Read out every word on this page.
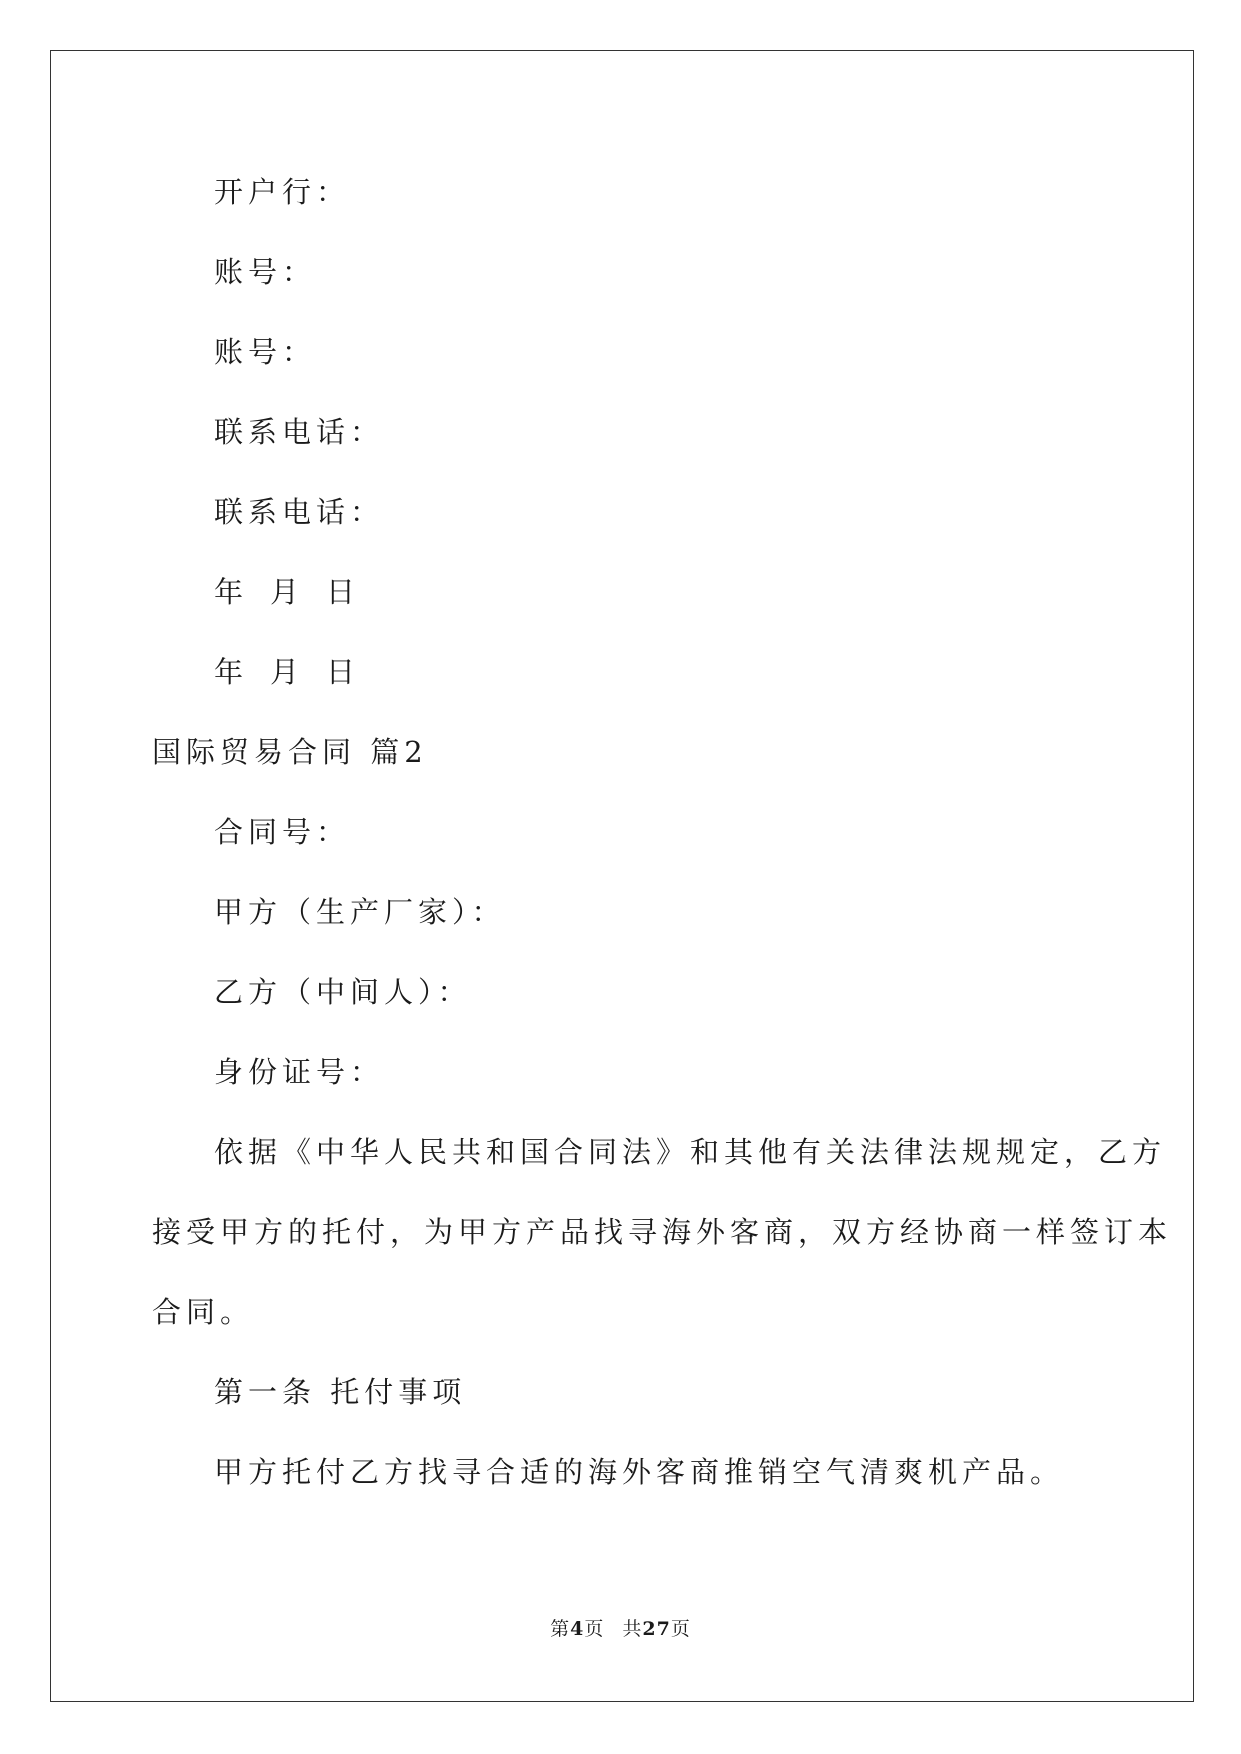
开户行：
账号：
账号：
联系电话：
联系电话：
年 月 日
年 月 日
国际贸易合同 篇2
合同号：
甲方（生产厂家）：
乙方（中间人）：
身份证号：
依据《中华人民共和国合同法》和其他有关法律法规规定，乙方
接受甲方的托付，为甲方产品找寻海外客商，双方经协商一样签订本
合同。
第一条 托付事项
甲方托付乙方找寻合适的海外客商推销空气清爽机产品。
第4页 共27页
